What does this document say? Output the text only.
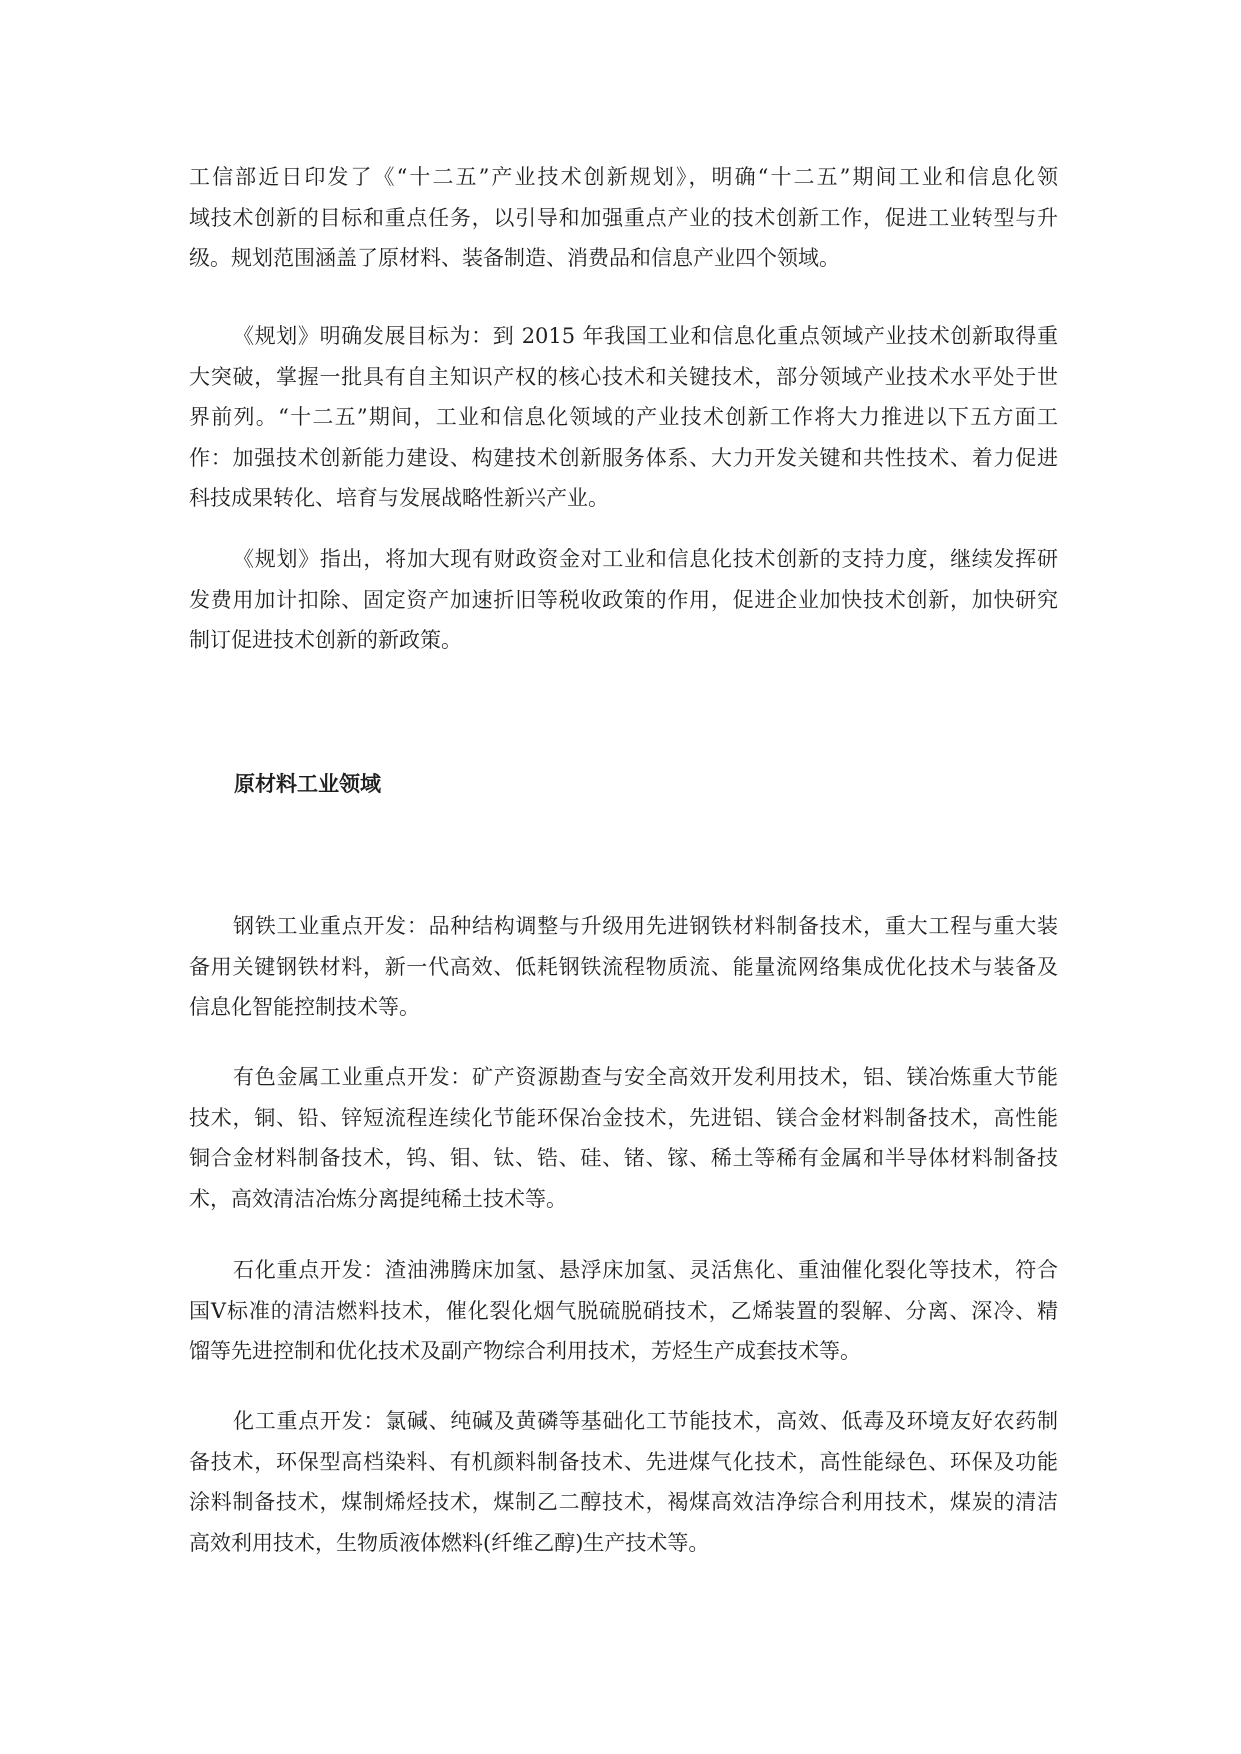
工信部近日印发了《“十二五”产业技术创新规划》，明确“十二五”期间工业和信息化领
域技术创新的目标和重点任务，以引导和加强重点产业的技术创新工作，促进工业转型与升
级。规划范围涵盖了原材料、装备制造、消费品和信息产业四个领域。
《规划》明确发展目标为：到 2015 年我国工业和信息化重点领域产业技术创新取得重
大突破，掌握一批具有自主知识产权的核心技术和关键技术，部分领域产业技术水平处于世
界前列。“十二五”期间，工业和信息化领域的产业技术创新工作将大力推进以下五方面工
作：加强技术创新能力建设、构建技术创新服务体系、大力开发关键和共性技术、着力促进
科技成果转化、培育与发展战略性新兴产业。
《规划》指出，将加大现有财政资金对工业和信息化技术创新的支持力度，继续发挥研
发费用加计扣除、固定资产加速折旧等税收政策的作用，促进企业加快技术创新，加快研究
制订促进技术创新的新政策。
原材料工业领域
钢铁工业重点开发：品种结构调整与升级用先进钢铁材料制备技术，重大工程与重大装
备用关键钢铁材料，新一代高效、低耗钢铁流程物质流、能量流网络集成优化技术与装备及
信息化智能控制技术等。
有色金属工业重点开发：矿产资源勘查与安全高效开发利用技术，铝、镁冶炼重大节能
技术，铜、铅、锌短流程连续化节能环保冶金技术，先进铝、镁合金材料制备技术，高性能
铜合金材料制备技术，钨、钼、钛、锆、硅、锗、镓、稀土等稀有金属和半导体材料制备技
术，高效清洁冶炼分离提纯稀土技术等。
石化重点开发：渣油沸腾床加氢、悬浮床加氢、灵活焦化、重油催化裂化等技术，符合
国Ⅴ标准的清洁燃料技术，催化裂化烟气脱硫脱硝技术，乙烯装置的裂解、分离、深冷、精
馏等先进控制和优化技术及副产物综合利用技术，芳烃生产成套技术等。
化工重点开发：氯碱、纯碱及黄磷等基础化工节能技术，高效、低毒及环境友好农药制
备技术，环保型高档染料、有机颜料制备技术、先进煤气化技术，高性能绿色、环保及功能
涂料制备技术，煤制烯烃技术，煤制乙二醇技术，褐煤高效洁净综合利用技术，煤炭的清洁
高效利用技术，生物质液体燃料(纤维乙醇)生产技术等。
